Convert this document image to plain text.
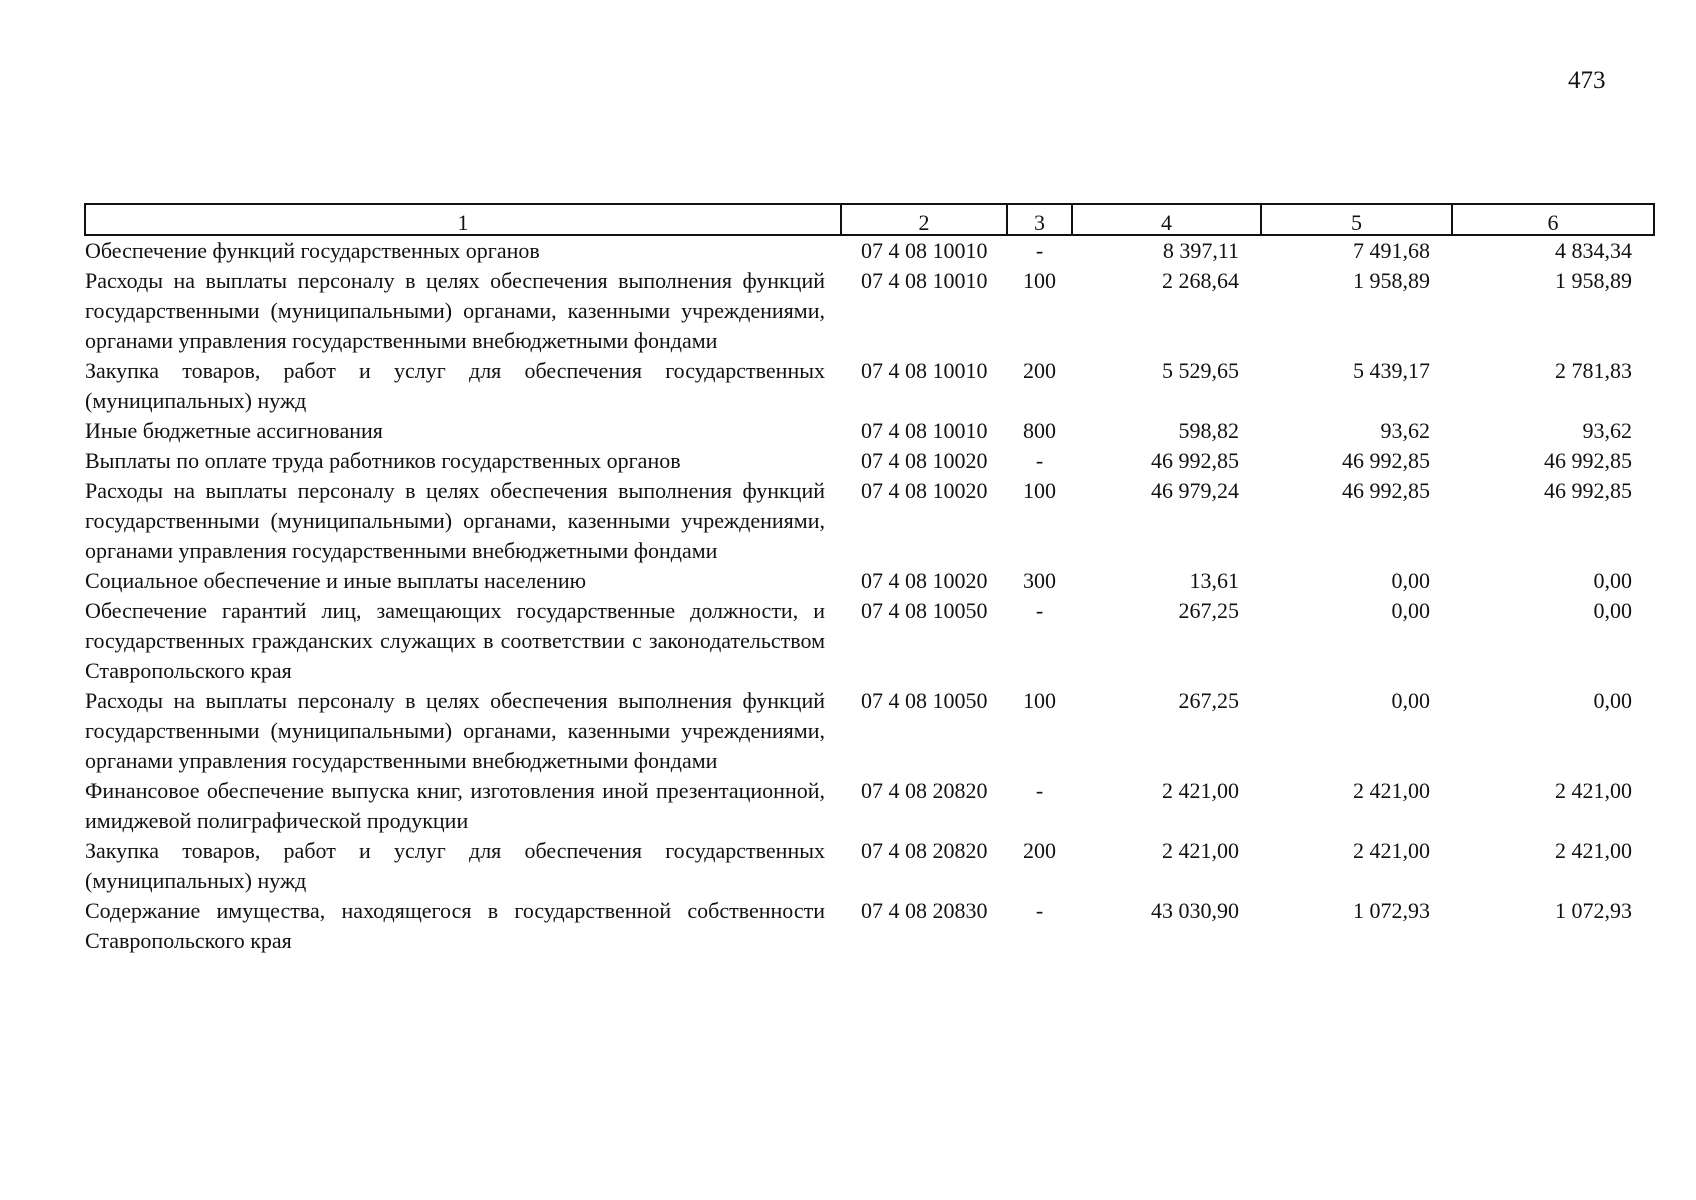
473
1	2	3	4	5	6
Обеспечение функций государственных органов	07 4 08 10010	-	8 397,11	7 491,68	4 834,34
Расходы на выплаты персоналу в целях обеспечения выполнения функций государственными (муниципальными) органами, казенными учреждениями, органами управления государственными внебюджетными фондами	07 4 08 10010	100	2 268,64	1 958,89	1 958,89
Закупка товаров, работ и услуг для обеспечения государственных (муниципальных) нужд	07 4 08 10010	200	5 529,65	5 439,17	2 781,83
Иные бюджетные ассигнования	07 4 08 10010	800	598,82	93,62	93,62
Выплаты по оплате труда работников государственных органов	07 4 08 10020	-	46 992,85	46 992,85	46 992,85
Расходы на выплаты персоналу в целях обеспечения выполнения функций государственными (муниципальными) органами, казенными учреждениями, органами управления государственными внебюджетными фондами	07 4 08 10020	100	46 979,24	46 992,85	46 992,85
Социальное обеспечение и иные выплаты населению	07 4 08 10020	300	13,61	0,00	0,00
Обеспечение гарантий лиц, замещающих государственные должности, и государственных гражданских служащих в соответствии с законодательством Ставропольского края	07 4 08 10050	-	267,25	0,00	0,00
Расходы на выплаты персоналу в целях обеспечения выполнения функций государственными (муниципальными) органами, казенными учреждениями, органами управления государственными внебюджетными фондами	07 4 08 10050	100	267,25	0,00	0,00
Финансовое обеспечение выпуска книг, изготовления иной презентационной, имиджевой полиграфической продукции	07 4 08 20820	-	2 421,00	2 421,00	2 421,00
Закупка товаров, работ и услуг для обеспечения государственных (муниципальных) нужд	07 4 08 20820	200	2 421,00	2 421,00	2 421,00
Содержание имущества, находящегося в государственной собственности Ставропольского края	07 4 08 20830	-	43 030,90	1 072,93	1 072,93
